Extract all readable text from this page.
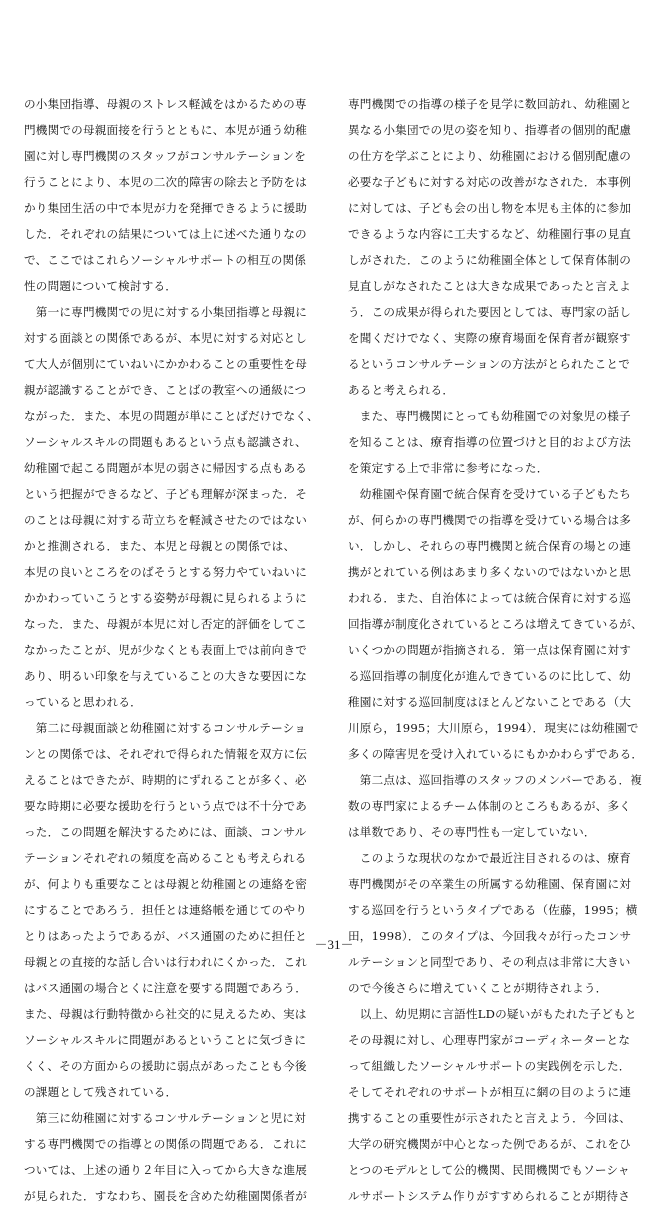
の小集団指導、母親のストレス軽減をはかるための専
門機関での母親面接を行うとともに、本児が通う幼稚
園に対し専門機関のスタッフがコンサルテーションを
行うことにより、本児の二次的障害の除去と予防をは
かり集団生活の中で本児が力を発揮できるように援助
した．それぞれの結果については上に述べた通りなの
で、ここではこれらソーシャルサポートの相互の関係
性の問題について検討する．
　第一に専門機関での児に対する小集団指導と母親に
対する面談との関係であるが、本児に対する対応とし
て大人が個別にていねいにかかわることの重要性を母
親が認識することができ、ことばの教室への通級につ
ながった．また、本児の問題が単にことばだけでなく、
ソーシャルスキルの問題もあるという点も認識され、
幼稚園で起こる問題が本児の弱さに帰因する点もある
という把握ができるなど、子ども理解が深まった．そ
のことは母親に対する苛立ちを軽減させたのではない
かと推測される．また、本児と母親との関係では、
本児の良いところをのばそうとする努力やていねいに
かかわっていこうとする姿勢が母親に見られるように
なった．また、母親が本児に対し否定的評価をしてこ
なかったことが、児が少なくとも表面上では前向きで
あり、明るい印象を与えていることの大きな要因にな
っていると思われる．
　第二に母親面談と幼稚園に対するコンサルテーショ
ンとの関係では、それぞれで得られた情報を双方に伝
えることはできたが、時期的にずれることが多く、必
要な時期に必要な援助を行うという点では不十分であ
った．この問題を解決するためには、面談、コンサル
テーションそれぞれの頻度を高めることも考えられる
が、何よりも重要なことは母親と幼稚園との連絡を密
にすることであろう．担任とは連絡帳を通じてのやり
とりはあったようであるが、バス通園のために担任と
母親との直接的な話し合いは行われにくかった．これ
はバス通園の場合とくに注意を要する問題であろう．
また、母親は行動特徴から社交的に見えるため、実は
ソーシャルスキルに問題があるということに気づきに
くく、その方面からの援助に弱点があったことも今後
の課題として残されている．
　第三に幼稚園に対するコンサルテーションと児に対
する専門機関での指導との関係の問題である．これに
ついては、上述の通り２年目に入ってから大きな進展
が見られた．すなわち、園長を含めた幼稚園関係者が
専門機関での指導の様子を見学に数回訪れ、幼稚園と
異なる小集団での児の姿を知り、指導者の個別的配慮
の仕方を学ぶことにより、幼稚園における個別配慮の
必要な子どもに対する対応の改善がなされた．本事例
に対しては、子ども会の出し物を本児も主体的に参加
できるような内容に工夫するなど、幼稚園行事の見直
しがされた．このように幼稚園全体として保育体制の
見直しがなされたことは大きな成果であったと言えよ
う．この成果が得られた要因としては、専門家の話し
を聞くだけでなく、実際の療育場面を保育者が観察す
るというコンサルテーションの方法がとられたことで
あると考えられる．
　また、専門機関にとっても幼稚園での対象児の様子
を知ることは、療育指導の位置づけと目的および方法
を策定する上で非常に参考になった．
　幼稚園や保育園で統合保育を受けている子どもたち
が、何らかの専門機関での指導を受けている場合は多
い．しかし、それらの専門機関と統合保育の場との連
携がとれている例はあまり多くないのではないかと思
われる．また、自治体によっては統合保育に対する巡
回指導が制度化されているところは増えてきているが、
いくつかの問題が指摘される．第一点は保育園に対す
る巡回指導の制度化が進んできているのに比して、幼
稚園に対する巡回制度はほとんどないことである（大
川原ら，1995；大川原ら，1994）．現実には幼稚園で
多くの障害児を受け入れているにもかかわらずである．
　第二点は、巡回指導のスタッフのメンバーである．複
数の専門家によるチーム体制のところもあるが、多く
は単数であり、その専門性も一定していない．
　このような現状のなかで最近注目されるのは、療育
専門機関がその卒業生の所属する幼稚園、保育園に対
する巡回を行うというタイプである（佐藤，1995；横
田，1998）．このタイプは、今回我々が行ったコンサ
ルテーションと同型であり、その利点は非常に大きい
ので今後さらに増えていくことが期待されよう．
　以上、幼児期に言語性LDの疑いがもたれた子どもと
その母親に対し、心理専門家がコーディネーターとな
って組織したソーシャルサポートの実践例を示した．
そしてそれぞれのサポートが相互に網の目のように連
携することの重要性が示されたと言えよう．今回は、
大学の研究機関が中心となった例であるが、これをひ
とつのモデルとして公的機関、民間機関でもソーシャ
ルサポートシステム作りがすすめられることが期待さ
－31－
